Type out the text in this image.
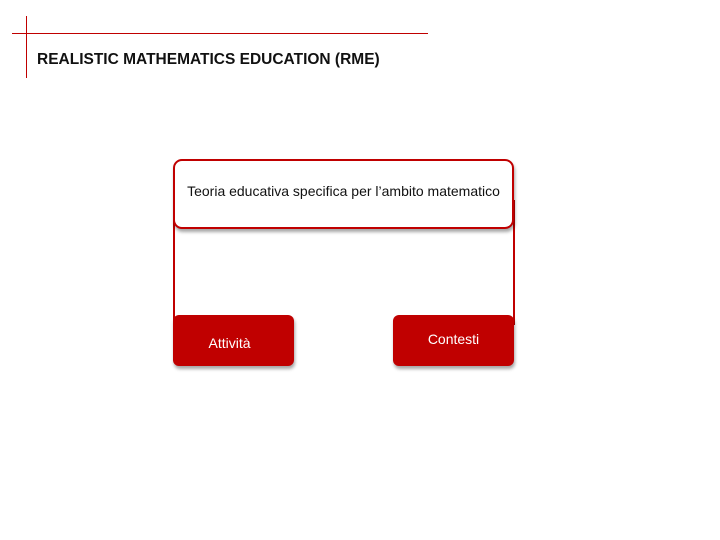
REALISTIC MATHEMATICS EDUCATION (RME)
Teoria educativa specifica per l’ambito matematico
Attività	Contesti
